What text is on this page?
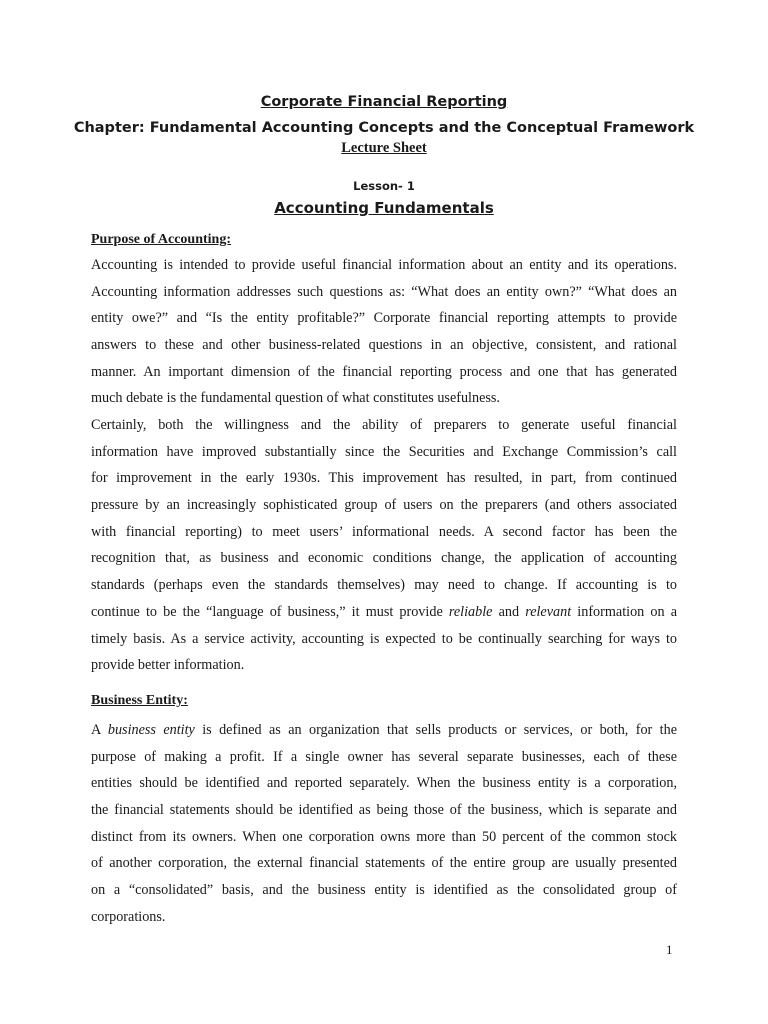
Corporate Financial Reporting
Chapter: Fundamental Accounting Concepts and the Conceptual Framework
Lecture Sheet
Lesson- 1
Accounting Fundamentals
Purpose of Accounting:
Accounting is intended to provide useful financial information about an entity and its operations.
Accounting information addresses such questions as: “What does an entity own?” “What does an
entity owe?” and “Is the entity profitable?” Corporate financial reporting attempts to provide
answers to these and other business-related questions in an objective, consistent, and rational
manner. An important dimension of the financial reporting process and one that has generated
much debate is the fundamental question of what constitutes usefulness.
Certainly, both the willingness and the ability of preparers to generate useful financial
information have improved substantially since the Securities and Exchange Commission’s call
for improvement in the early 1930s. This improvement has resulted, in part, from continued
pressure by an increasingly sophisticated group of users on the preparers (and others associated
with financial reporting) to meet users’ informational needs. A second factor has been the
recognition that, as business and economic conditions change, the application of accounting
standards (perhaps even the standards themselves) may need to change. If accounting is to
continue to be the “language of business,” it must provide reliable and relevant information on a
timely basis. As a service activity, accounting is expected to be continually searching for ways to
provide better information.
Business Entity:
A business entity is defined as an organization that sells products or services, or both, for the
purpose of making a profit. If a single owner has several separate businesses, each of these
entities should be identified and reported separately. When the business entity is a corporation,
the financial statements should be identified as being those of the business, which is separate and
distinct from its owners. When one corporation owns more than 50 percent of the common stock
of another corporation, the external financial statements of the entire group are usually presented
on a “consolidated” basis, and the business entity is identified as the consolidated group of
corporations.
1
